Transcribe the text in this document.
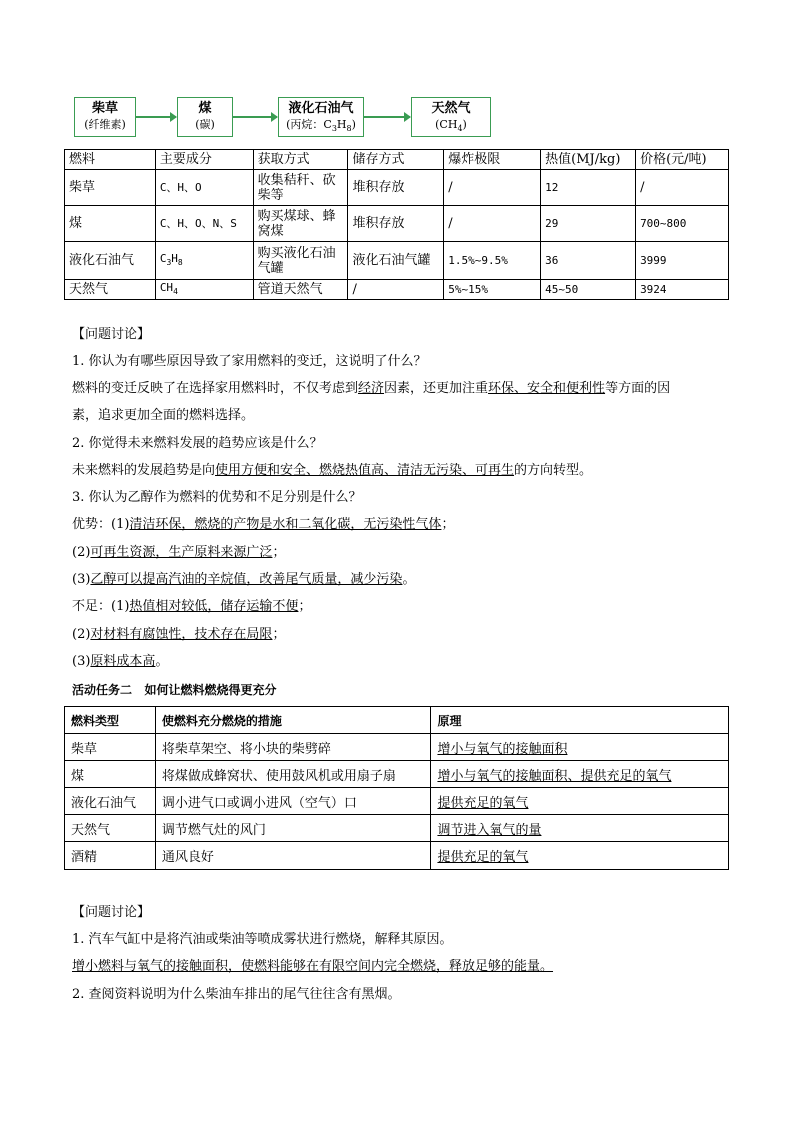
柴草
(纤维素)
煤
(碳)
液化石油气
(丙烷：$C_3H_8$)
天然气
$(CH_4)$
燃料	主要成分	获取方式	储存方式	爆炸极限	热值(MJ/kg)	价格(元/吨)
柴草	C、H、O	收集秸秆、砍柴等	堆积存放	/	12	/
煤	C、H、O、N、S	购买煤球、蜂窝煤	堆积存放	/	29	700~800
液化石油气	$C_3H_8$	购买液化石油气罐	液化石油气罐	1.5%~9.5%	36	3999
天然气	$CH_4$	管道天然气	/	5%~15%	45~50	3924
【问题讨论】
1. 你认为有哪些原因导致了家用燃料的变迁，这说明了什么？
燃料的变迁反映了在选择家用燃料时，不仅考虑到经济因素，还更加注重环保、安全和便利性等方面的因
素，追求更加全面的燃料选择。
2. 你觉得未来燃料发展的趋势应该是什么？
未来燃料的发展趋势是向使用方便和安全、燃烧热值高、清洁无污染、可再生的方向转型。
3. 你认为乙醇作为燃料的优势和不足分别是什么？
优势：(1)清洁环保，燃烧的产物是水和二氧化碳，无污染性气体；
(2)可再生资源，生产原料来源广泛；
(3)乙醇可以提高汽油的辛烷值，改善尾气质量，减少污染。
不足：(1)热值相对较低，储存运输不便；
(2)对材料有腐蚀性，技术存在局限；
(3)原料成本高。
活动任务二   如何让燃料燃烧得更充分
燃料类型	使燃料充分燃烧的措施	原理
柴草	将柴草架空、将小块的柴劈碎	增小与氧气的接触面积
煤	将煤做成蜂窝状、使用鼓风机或用扇子扇	增小与氧气的接触面积、提供充足的氧气
液化石油气	调小进气口或调小进风（空气）口	提供充足的氧气
天然气	调节燃气灶的风门	调节进入氧气的量
酒精	通风良好	提供充足的氧气
【问题讨论】
1. 汽车气缸中是将汽油或柴油等喷成雾状进行燃烧，解释其原因。
增小燃料与氧气的接触面积，使燃料能够在有限空间内完全燃烧，释放足够的能量。
2. 查阅资料说明为什么柴油车排出的尾气往往含有黑烟。
